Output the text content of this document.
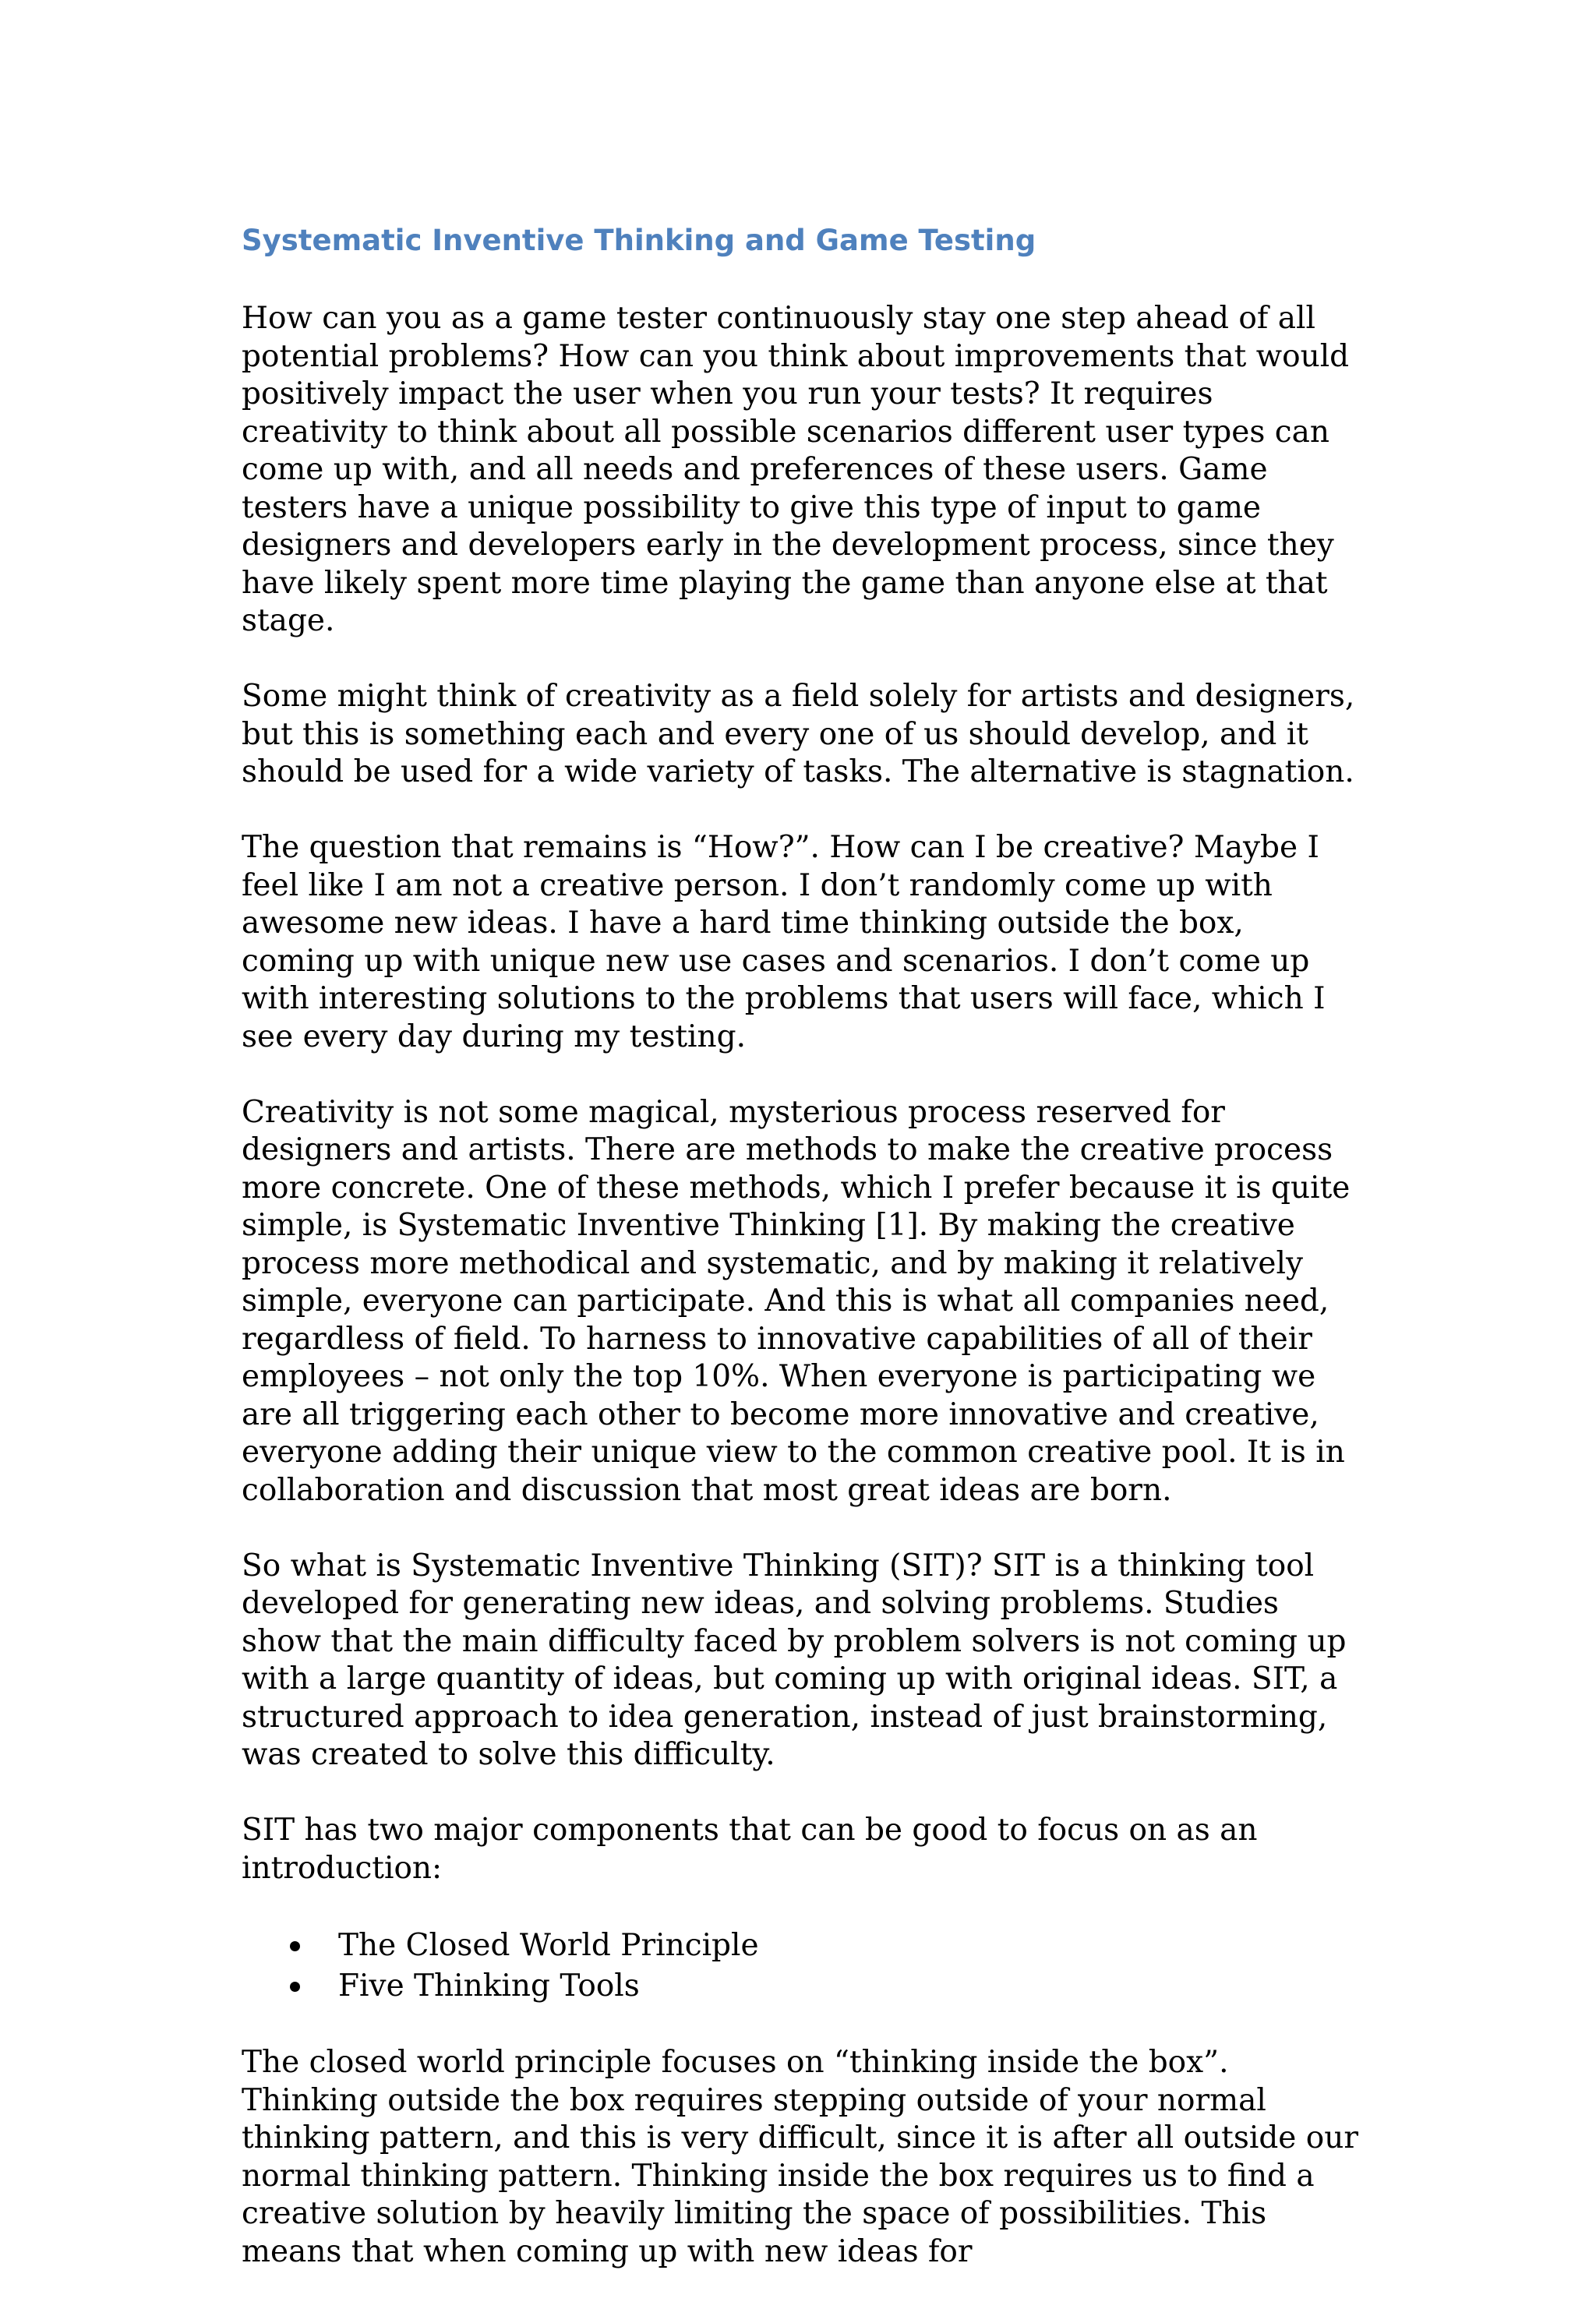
Systematic Inventive Thinking and Game Testing

How can you as a game tester continuously stay one step ahead of all potential problems? How can you think about improvements that would positively impact the user when you run your tests? It requires creativity to think about all possible scenarios different user types can come up with, and all needs and preferences of these users. Game testers have a unique possibility to give this type of input to game designers and developers early in the development process, since they have likely spent more time playing the game than anyone else at that stage.

Some might think of creativity as a field solely for artists and designers, but this is something each and every one of us should develop, and it should be used for a wide variety of tasks. The alternative is stagnation.

The question that remains is “How?”. How can I be creative? Maybe I feel like I am not a creative person. I don’t randomly come up with awesome new ideas. I have a hard time thinking outside the box, coming up with unique new use cases and scenarios. I don’t come up with interesting solutions to the problems that users will face, which I see every day during my testing.

Creativity is not some magical, mysterious process reserved for designers and artists. There are methods to make the creative process more concrete. One of these methods, which I prefer because it is quite simple, is Systematic Inventive Thinking [1]. By making the creative process more methodical and systematic, and by making it relatively simple, everyone can participate. And this is what all companies need, regardless of field. To harness to innovative capabilities of all of their employees – not only the top 10%. When everyone is participating we are all triggering each other to become more innovative and creative, everyone adding their unique view to the common creative pool. It is in collaboration and discussion that most great ideas are born.

So what is Systematic Inventive Thinking (SIT)? SIT is a thinking tool developed for generating new ideas, and solving problems. Studies show that the main difficulty faced by problem solvers is not coming up with a large quantity of ideas, but coming up with original ideas. SIT, a structured approach to idea generation, instead of just brainstorming, was created to solve this difficulty.

SIT has two major components that can be good to focus on as an introduction:

The Closed World Principle
Five Thinking Tools

The closed world principle focuses on “thinking inside the box”. Thinking outside the box requires stepping outside of your normal thinking pattern, and this is very difficult, since it is after all outside our normal thinking pattern. Thinking inside the box requires us to find a creative solution by heavily limiting the space of possibilities. This means that when coming up with new ideas for
